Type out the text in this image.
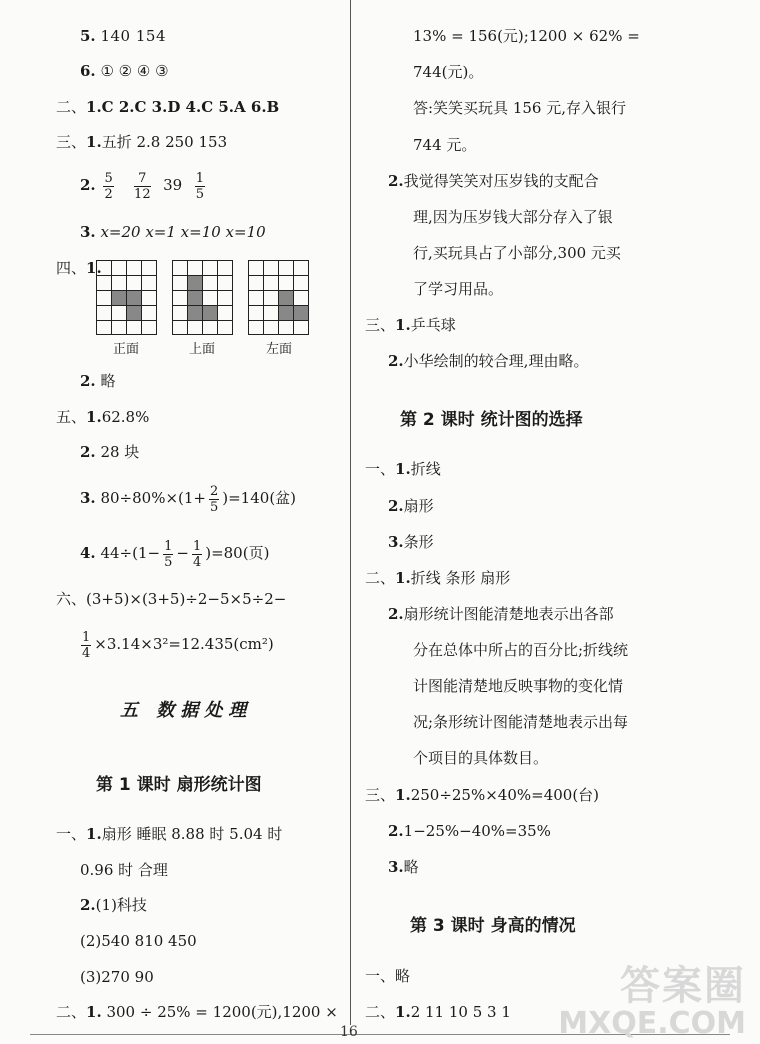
5. 140 154
6. ① ② ④ ③
二、1.C 2.C 3.D 4.C 5.A 6.B
三、1.五折 2.8 250 153
2. $\frac{5}{2}$
$\frac{7}{12} 39 \frac{1}{5}$
3. x=20 x=1 x=10 x=10
四、1.
正面	上面	左面
2. 略
五、1.62.8%
2. 28 块
3. $80\div 80\%\times(1+ \frac{2}{5} )=140$(盆)
4. $44\div(1- \frac{1}{5} - \frac{1}{4} )=80$(页)
六、(3+5)×(3+5)÷2−5×5÷2−
$\frac{1}{4} \times 3.14\times 3^2=12.435(cm^2)$
五 数据处理
第 1 课时 扇形统计图
一、1.扇形 睡眠 8.88 时 5.04 时
0.96 时 合理
2.(1)科技
(2)540 810 450
(3)270 90
二、1. 300 ÷ 25% = 1200(元),1200 ×
13% = 156(元);1200 × 62% =
744(元)。
答:笑笑买玩具 156 元,存入银行
744 元。
2.我觉得笑笑对压岁钱的支配合
理,因为压岁钱大部分存入了银
行,买玩具占了小部分,300 元买
了学习用品。
三、1.乒乓球
2.小华绘制的较合理,理由略。
第 2 课时 统计图的选择
一、1.折线
2.扇形
3.条形
二、1.折线 条形 扇形
2.扇形统计图能清楚地表示出各部
分在总体中所占的百分比;折线统
计图能清楚地反映事物的变化情
况;条形统计图能清楚地表示出每
个项目的具体数目。
三、1.250÷25%×40%=400(台)
2.1−25%−40%=35%
3.略
第 3 课时 身高的情况
一、略
二、1.2 11 10 5 3 1
16
答案圈
MXQE.COM
